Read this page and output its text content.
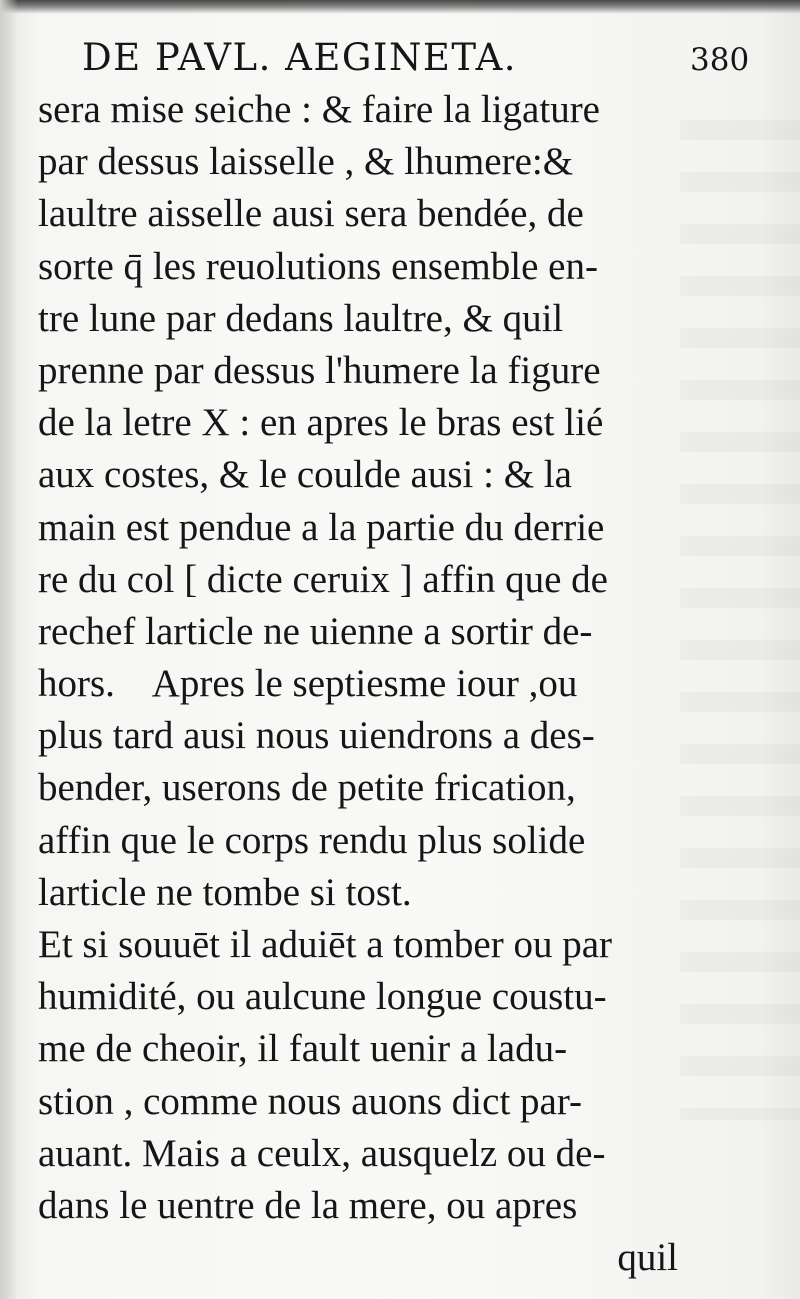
DE PAVL. AEGINETA.	380
sera mise seiche : & faire la ligature
par dessus laisselle , & lhumere:&
laultre aisselle ausi sera bendée, de
sorte q̄ les reuolutions ensemble en-
tre lune par dedans laultre, & quil
prenne par dessus l'humere la figure
de la letre X : en apres le bras est lié
aux costes, & le coulde ausi : & la
main est pendue a la partie du derrie
re du col [ dicte ceruix ] affin que de
rechef larticle ne uienne a sortir de-
hors.    Apres le septiesme iour ,ou
plus tard ausi nous uiendrons a des-
bender, userons de petite frication,
affin que le corps rendu plus solide
larticle ne tombe si tost.
Et si souuēt il aduiēt a tomber ou par
humidité, ou aulcune longue coustu-
me de cheoir, il fault uenir a ladu-
stion , comme nous auons dict par-
auant. Mais a ceulx, ausquelz ou de-
dans le uentre de la mere, ou apres
quil
